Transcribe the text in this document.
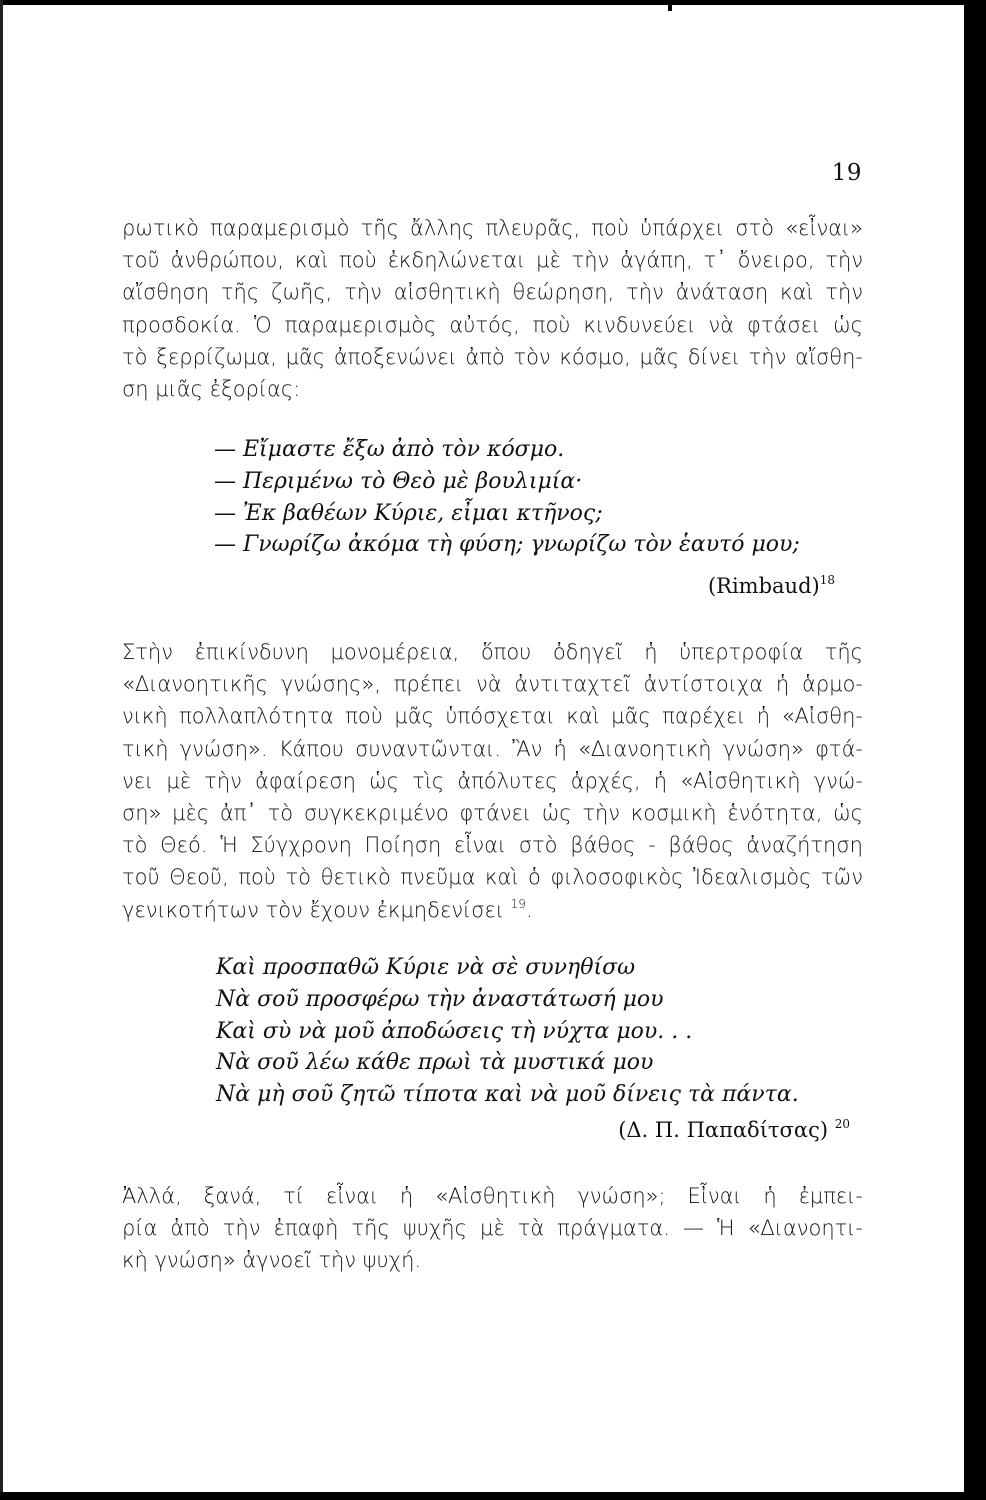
19
ρωτικὸ παραμερισμὸ τῆς ἄλλης πλευρᾶς, ποὺ ὑπάρχει στὸ «εἶναι»
τοῦ ἀνθρώπου, καὶ ποὺ ἐκδηλώνεται μὲ τὴν ἀγάπη, τ᾿ ὄνειρο, τὴν
αἴσθηση τῆς ζωῆς, τὴν αἰσθητικὴ θεώρηση, τὴν ἀνάταση καὶ τὴν
προσδοκία. Ὁ παραμερισμὸς αὐτός, ποὺ κινδυνεύει νὰ φτάσει ὡς
τὸ ξερρίζωμα, μᾶς ἀποξενώνει ἀπὸ τὸν κόσμο, μᾶς δίνει τὴν αἴσθη-
ση μιᾶς ἐξορίας:
— Εἴμαστε ἔξω ἀπὸ τὸν κόσμο.
— Περιμένω τὸ Θεὸ μὲ βουλιμία·
— Ἐκ βαθέων Κύριε, εἶμαι κτῆνος;
— Γνωρίζω ἀκόμα τὴ φύση; γνωρίζω τὸν ἑαυτό μου;
(Rimbaud)$^{18}$
Στὴν ἐπικίνδυνη μονομέρεια, ὅπου ὁδηγεῖ ἡ ὑπερτροφία τῆς
«Διανοητικῆς γνώσης», πρέπει νὰ ἀντιταχτεῖ ἀντίστοιχα ἡ ἁρμο-
νικὴ πολλαπλότητα ποὺ μᾶς ὑπόσχεται καὶ μᾶς παρέχει ἡ «Αἰσθη-
τικὴ γνώση». Κάπου συναντῶνται. Ἂν ἡ «Διανοητικὴ γνώση» φτά-
νει μὲ τὴν ἀφαίρεση ὡς τὶς ἀπόλυτες ἀρχές, ἡ «Αἰσθητικὴ γνώ-
ση» μὲς ἀπ᾿ τὸ συγκεκριμένο φτάνει ὡς τὴν κοσμικὴ ἑνότητα, ὡς
τὸ Θεό. Ἡ Σύγχρονη Ποίηση εἶναι στὸ βάθος - βάθος ἀναζήτηση
τοῦ Θεοῦ, ποὺ τὸ θετικὸ πνεῦμα καὶ ὁ φιλοσοφικὸς Ἰδεαλισμὸς τῶν
γενικοτήτων τὸν ἔχουν ἐκμηδενίσει $^{19}$.
Καὶ προσπαθῶ Κύριε νὰ σὲ συνηθίσω
Νὰ σοῦ προσφέρω τὴν ἀναστάτωσή μου
Καὶ σὺ νὰ μοῦ ἀποδώσεις τὴ νύχτα μου. . .
Νὰ σοῦ λέω κάθε πρωὶ τὰ μυστικά μου
Νὰ μὴ σοῦ ζητῶ τίποτα καὶ νὰ μοῦ δίνεις τὰ πάντα.
(Δ. Π. Παπαδίτσας) $^{20}$
Ἀλλά, ξανά, τί εἶναι ἡ «Αἰσθητικὴ γνώση»; Εἶναι ἡ ἐμπει-
ρία ἀπὸ τὴν ἐπαφὴ τῆς ψυχῆς μὲ τὰ πράγματα. — Ἡ «Διανοητι-
κὴ γνώση» ἀγνοεῖ τὴν ψυχή.
